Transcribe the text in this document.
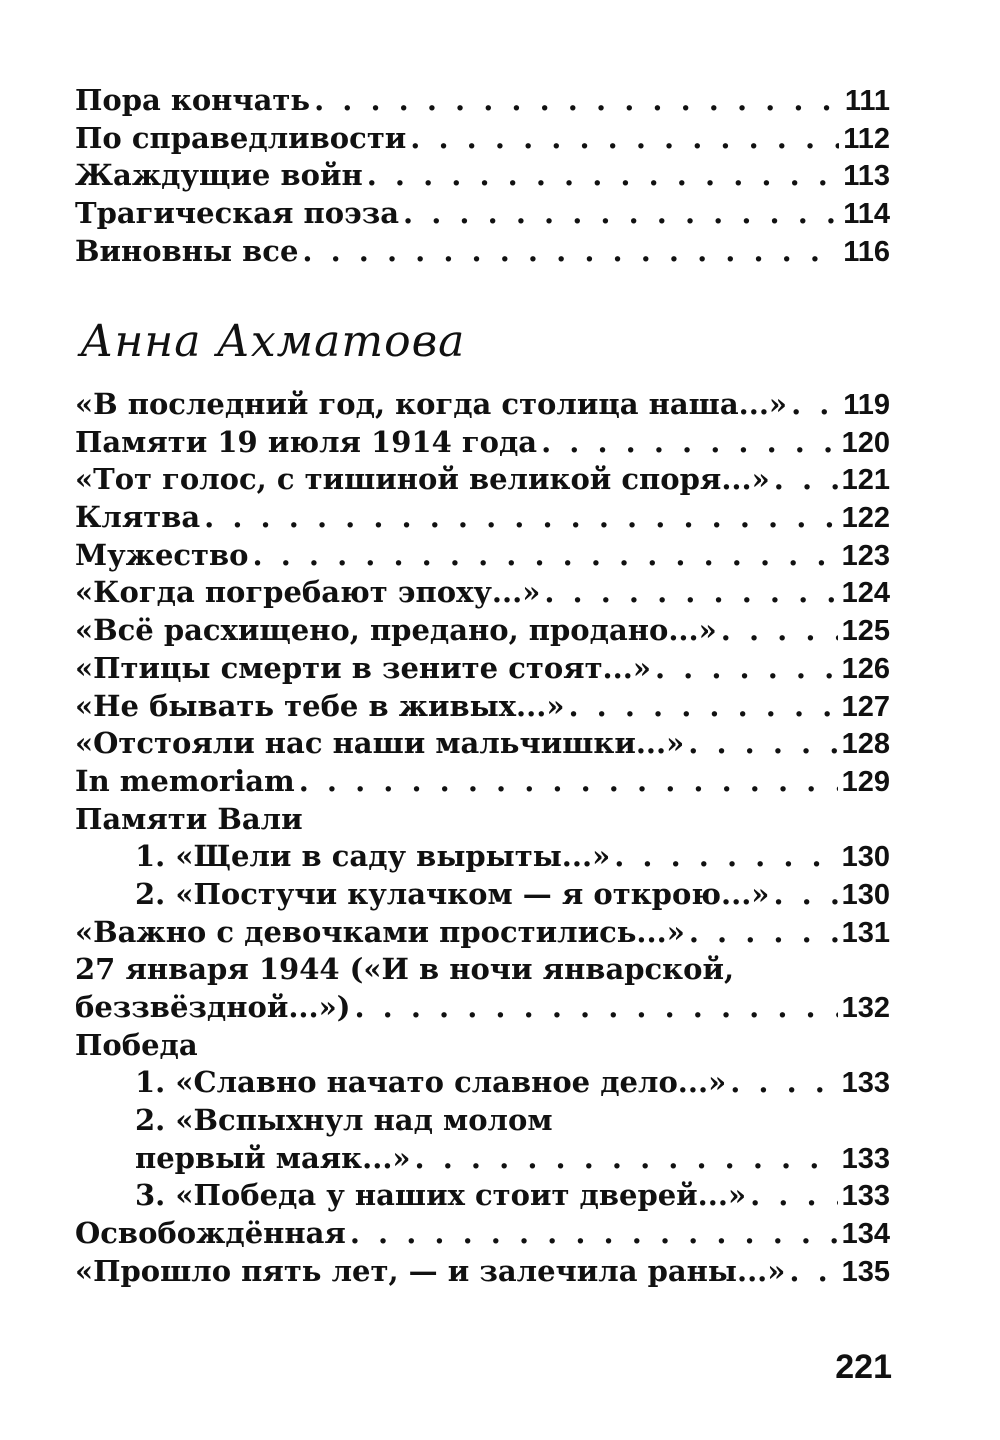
Пора кончать . . .	111
По справедливости . . .	112
Жаждущие войн . . .	113
Трагическая поэза . . .	114
Виновны все . . .	116
Анна Ахматова
«В последний год, когда столица наша...» . . . 119
Памяти 19 июля 1914 года . . .	120
«Тот голос, с тишиной великой споря...» . . . 121
Клятва . . .	122
Мужество . . .	123
«Когда погребают эпоху...» . . .	124
«Всё расхищено, предано, продано...» . . .	125
«Птицы смерти в зените стоят...» . . .	126
«Не бывать тебе в живых...» . . .	127
«Отстояли нас наши мальчишки...» . . .	128
In memoriam . . .	129
Памяти Вали
1. «Щели в саду вырыты...» . . .	130
2. «Постучи кулачком — я открою...» . . . 130
«Важно с девочками простились...» . . .	131
27 января 1944 («И в ночи январской,
беззвёздной...») . . .	132
Победа
1. «Славно начато славное дело...» . . .	133
2. «Вспыхнул над молом
первый маяк...» . . .	133
3. «Победа у наших стоит дверей...» . . .	133
Освобождённая . . .	134
«Прошло пять лет, — и залечила раны...» . . . 135
221
